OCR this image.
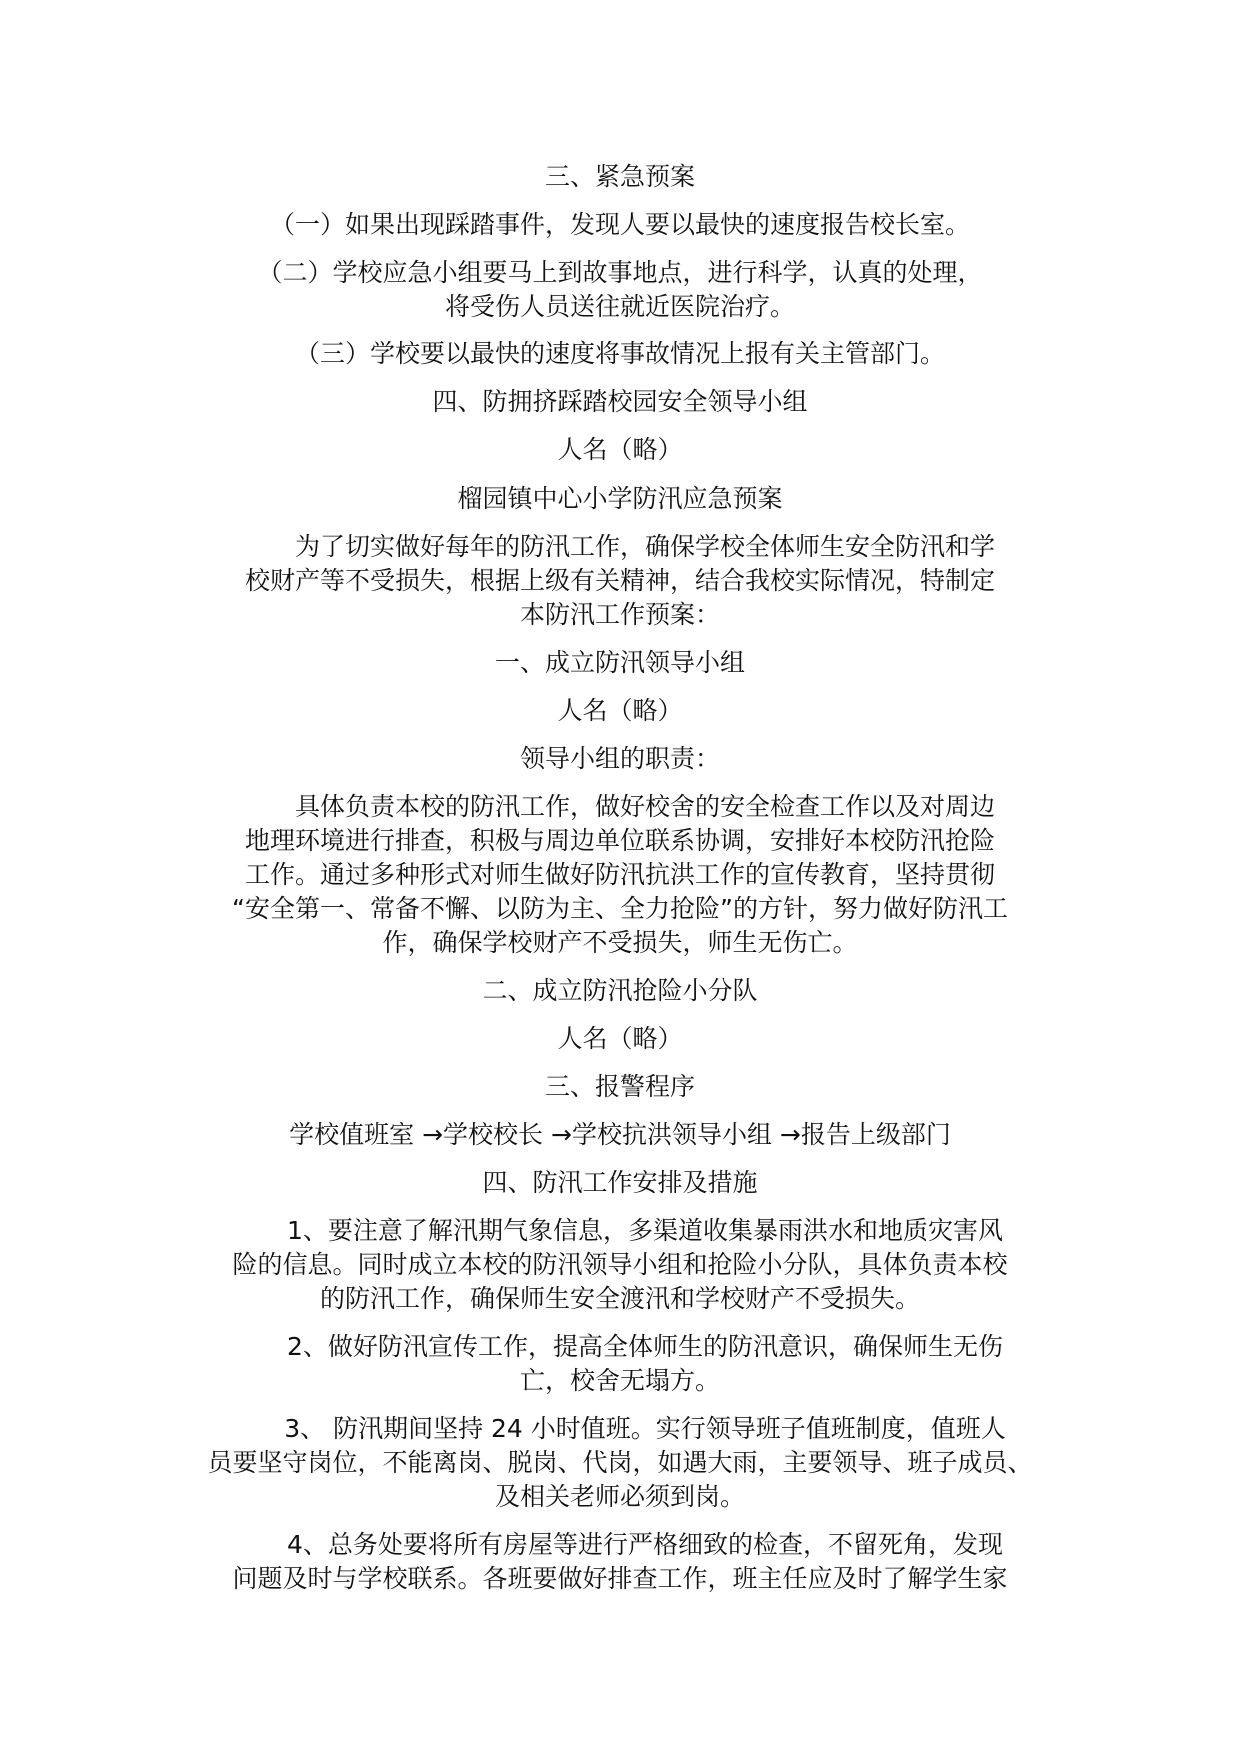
三、紧急预案
（一）如果出现踩踏事件，发现人要以最快的速度报告校长室。
（二）学校应急小组要马上到故事地点，进行科学，认真的处理，
将受伤人员送往就近医院治疗。
（三）学校要以最快的速度将事故情况上报有关主管部门。
四、防拥挤踩踏校园安全领导小组
人名（略）
榴园镇中心小学防汛应急预案
为了切实做好每年的防汛工作，确保学校全体师生安全防汛和学
校财产等不受损失，根据上级有关精神，结合我校实际情况，特制定
本防汛工作预案：
一、成立防汛领导小组
人名（略）
领导小组的职责：
具体负责本校的防汛工作，做好校舍的安全检查工作以及对周边
地理环境进行排查，积极与周边单位联系协调，安排好本校防汛抢险
工作。通过多种形式对师生做好防汛抗洪工作的宣传教育，坚持贯彻
“安全第一、常备不懈、以防为主、全力抢险”的方针，努力做好防汛工
作，确保学校财产不受损失，师生无伤亡。
二、成立防汛抢险小分队
人名（略）
三、报警程序
学校值班室 →学校校长 →学校抗洪领导小组 →报告上级部门
四、防汛工作安排及措施
1、要注意了解汛期气象信息，多渠道收集暴雨洪水和地质灾害风
险的信息。同时成立本校的防汛领导小组和抢险小分队，具体负责本校
的防汛工作，确保师生安全渡汛和学校财产不受损失。
2、做好防汛宣传工作，提高全体师生的防汛意识，确保师生无伤
亡，校舍无塌方。
3、 防汛期间坚持 24 小时值班。实行领导班子值班制度，值班人
员要坚守岗位，不能离岗、脱岗、代岗，如遇大雨，主要领导、班子成员、
及相关老师必须到岗。
4、总务处要将所有房屋等进行严格细致的检查，不留死角，发现
问题及时与学校联系。各班要做好排查工作，班主任应及时了解学生家
